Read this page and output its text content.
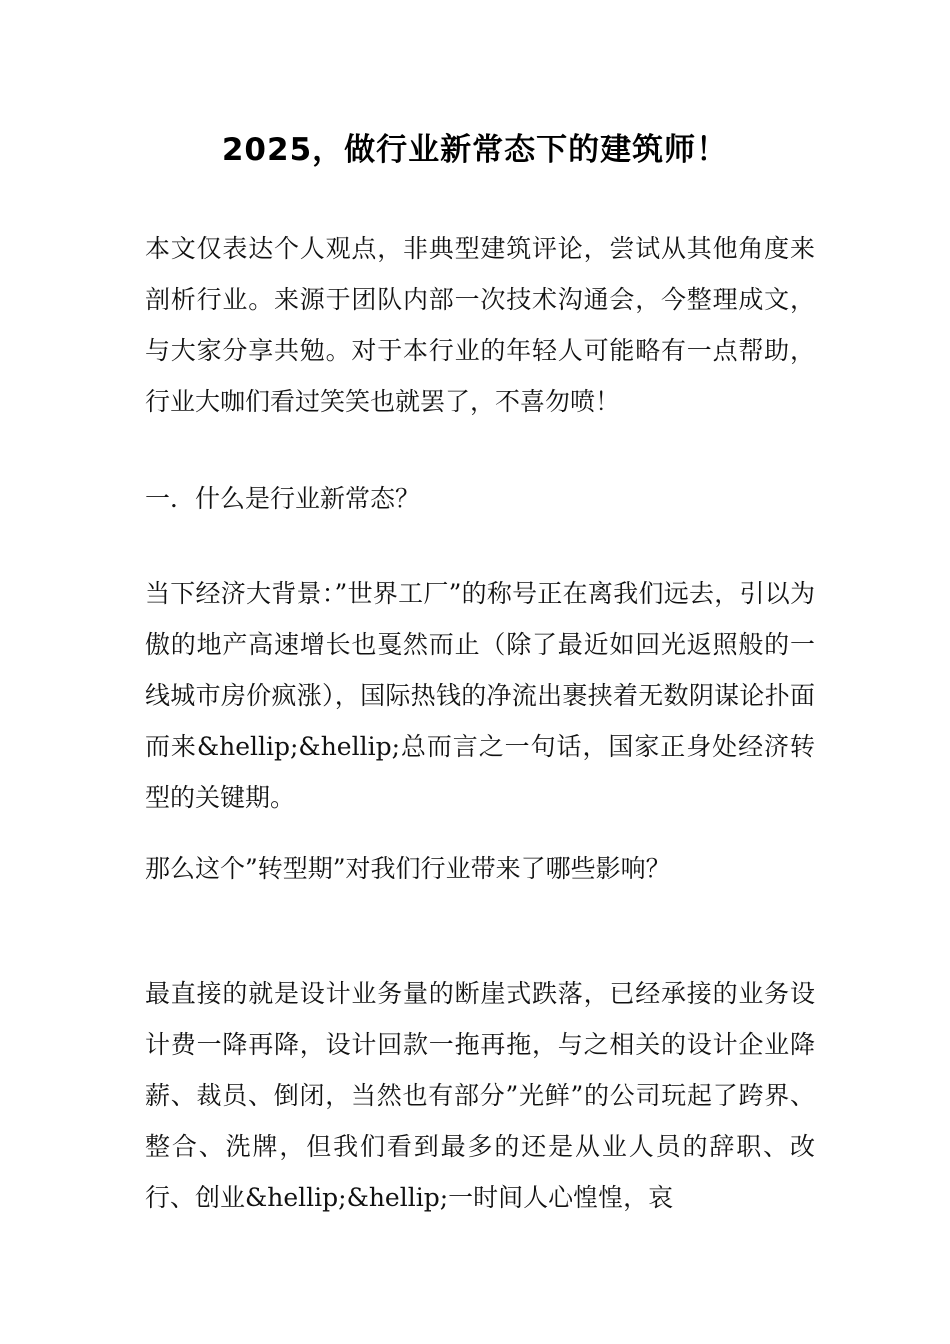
2025，做行业新常态下的建筑师！

本文仅表达个人观点，非典型建筑评论，尝试从其他角度来剖析行业。来源于团队内部一次技术沟通会，今整理成文，与大家分享共勉。对于本行业的年轻人可能略有一点帮助，行业大咖们看过笑笑也就罢了，不喜勿喷！

一．什么是行业新常态？

当下经济大背景：”世界工厂”的称号正在离我们远去，引以为傲的地产高速增长也戛然而止（除了最近如回光返照般的一线城市房价疯涨），国际热钱的净流出裹挟着无数阴谋论扑面而来&hellip;&hellip;总而言之一句话，国家正身处经济转型的关键期。

那么这个”转型期”对我们行业带来了哪些影响？

最直接的就是设计业务量的断崖式跌落，已经承接的业务设计费一降再降，设计回款一拖再拖，与之相关的设计企业降薪、裁员、倒闭，当然也有部分”光鲜”的公司玩起了跨界、整合、洗牌，但我们看到最多的还是从业人员的辞职、改行、创业&hellip;&hellip;一时间人心惶惶，哀
